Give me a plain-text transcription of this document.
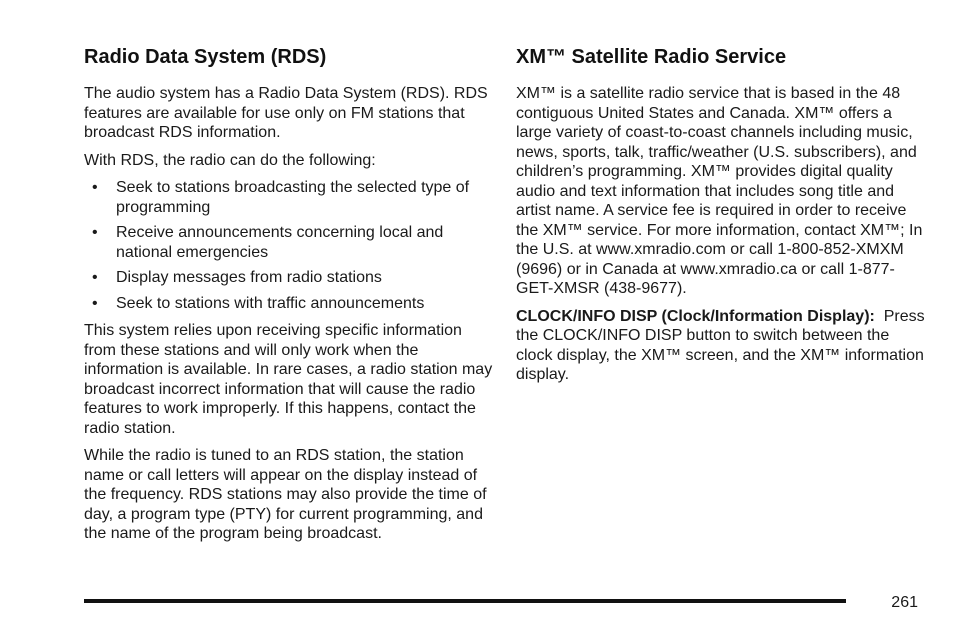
Radio Data System (RDS)

The audio system has a Radio Data System (RDS). RDS features are available for use only on FM stations that broadcast RDS information.

With RDS, the radio can do the following:

• Seek to stations broadcasting the selected type of programming
• Receive announcements concerning local and national emergencies
• Display messages from radio stations
• Seek to stations with traffic announcements

This system relies upon receiving specific information from these stations and will only work when the information is available. In rare cases, a radio station may broadcast incorrect information that will cause the radio features to work improperly. If this happens, contact the radio station.

While the radio is tuned to an RDS station, the station name or call letters will appear on the display instead of the frequency. RDS stations may also provide the time of day, a program type (PTY) for current programming, and the name of the program being broadcast.

XM™ Satellite Radio Service

XM™ is a satellite radio service that is based in the 48 contiguous United States and Canada. XM™ offers a large variety of coast-to-coast channels including music, news, sports, talk, traffic/weather (U.S. subscribers), and children’s programming. XM™ provides digital quality audio and text information that includes song title and artist name. A service fee is required in order to receive the XM™ service. For more information, contact XM™; In the U.S. at www.xmradio.com or call 1-800-852-XMXM (9696) or in Canada at www.xmradio.ca or call 1-877-GET-XMSR (438-9677).

CLOCK/INFO DISP (Clock/Information Display): Press the CLOCK/INFO DISP button to switch between the clock display, the XM™ screen, and the XM™ information display.

261
